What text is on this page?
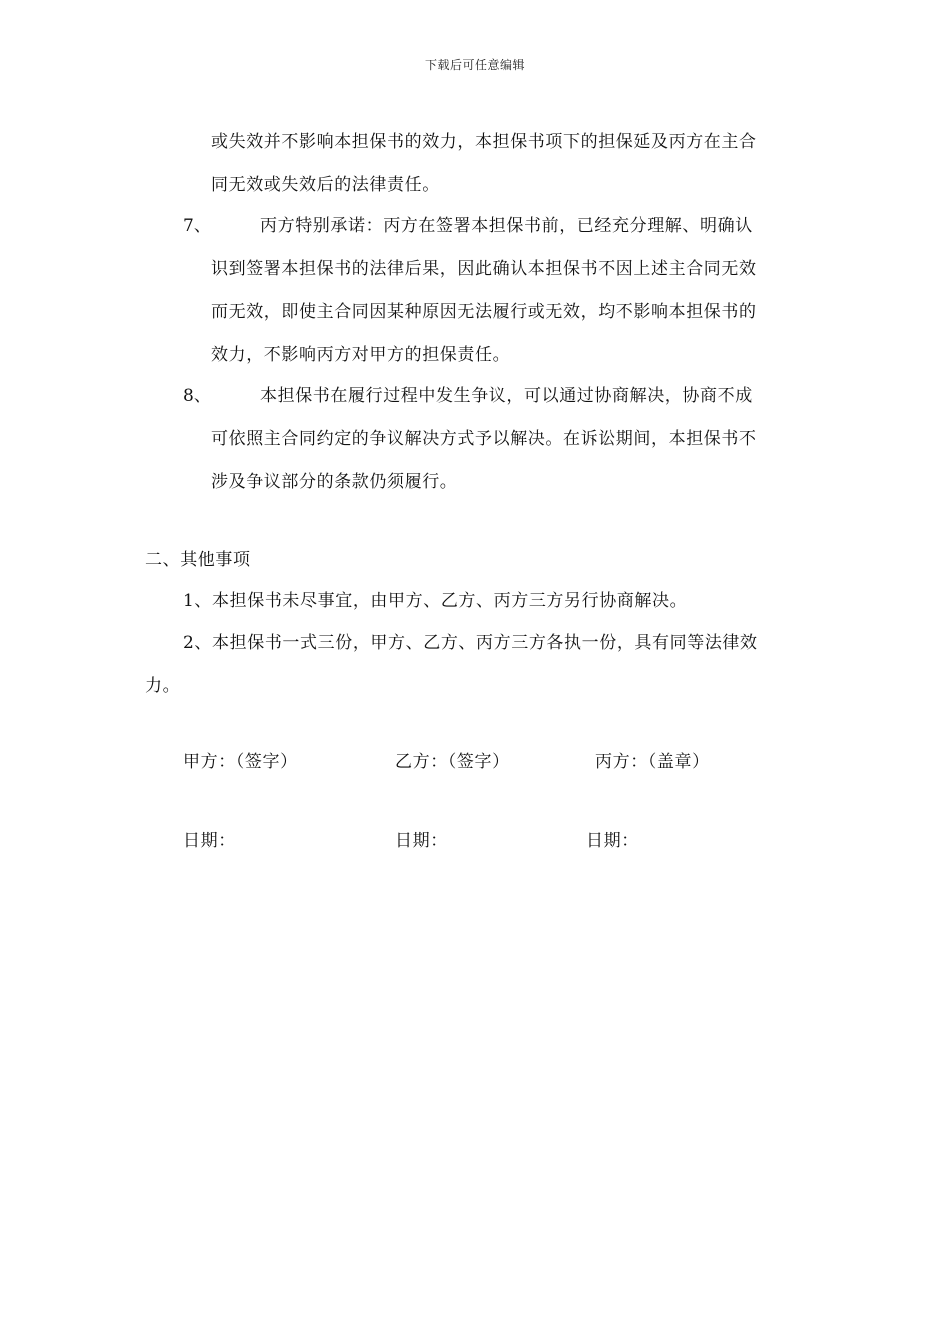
下载后可任意编辑
或失效并不影响本担保书的效力，本担保书项下的担保延及丙方在主合
同无效或失效后的法律责任。
7、	丙方特别承诺：丙方在签署本担保书前，已经充分理解、明确认
识到签署本担保书的法律后果，因此确认本担保书不因上述主合同无效
而无效，即使主合同因某种原因无法履行或无效，均不影响本担保书的
效力，不影响丙方对甲方的担保责任。
8、	本担保书在履行过程中发生争议，可以通过协商解决，协商不成
可依照主合同约定的争议解决方式予以解决。在诉讼期间，本担保书不
涉及争议部分的条款仍须履行。
二、其他事项
1、本担保书未尽事宜，由甲方、乙方、丙方三方另行协商解决。
2、本担保书一式三份，甲方、乙方、丙方三方各执一份，具有同等法律效
力。
甲方：（签字）	乙方：（签字）	丙方：（盖章）
日期：	日期：	日期：
